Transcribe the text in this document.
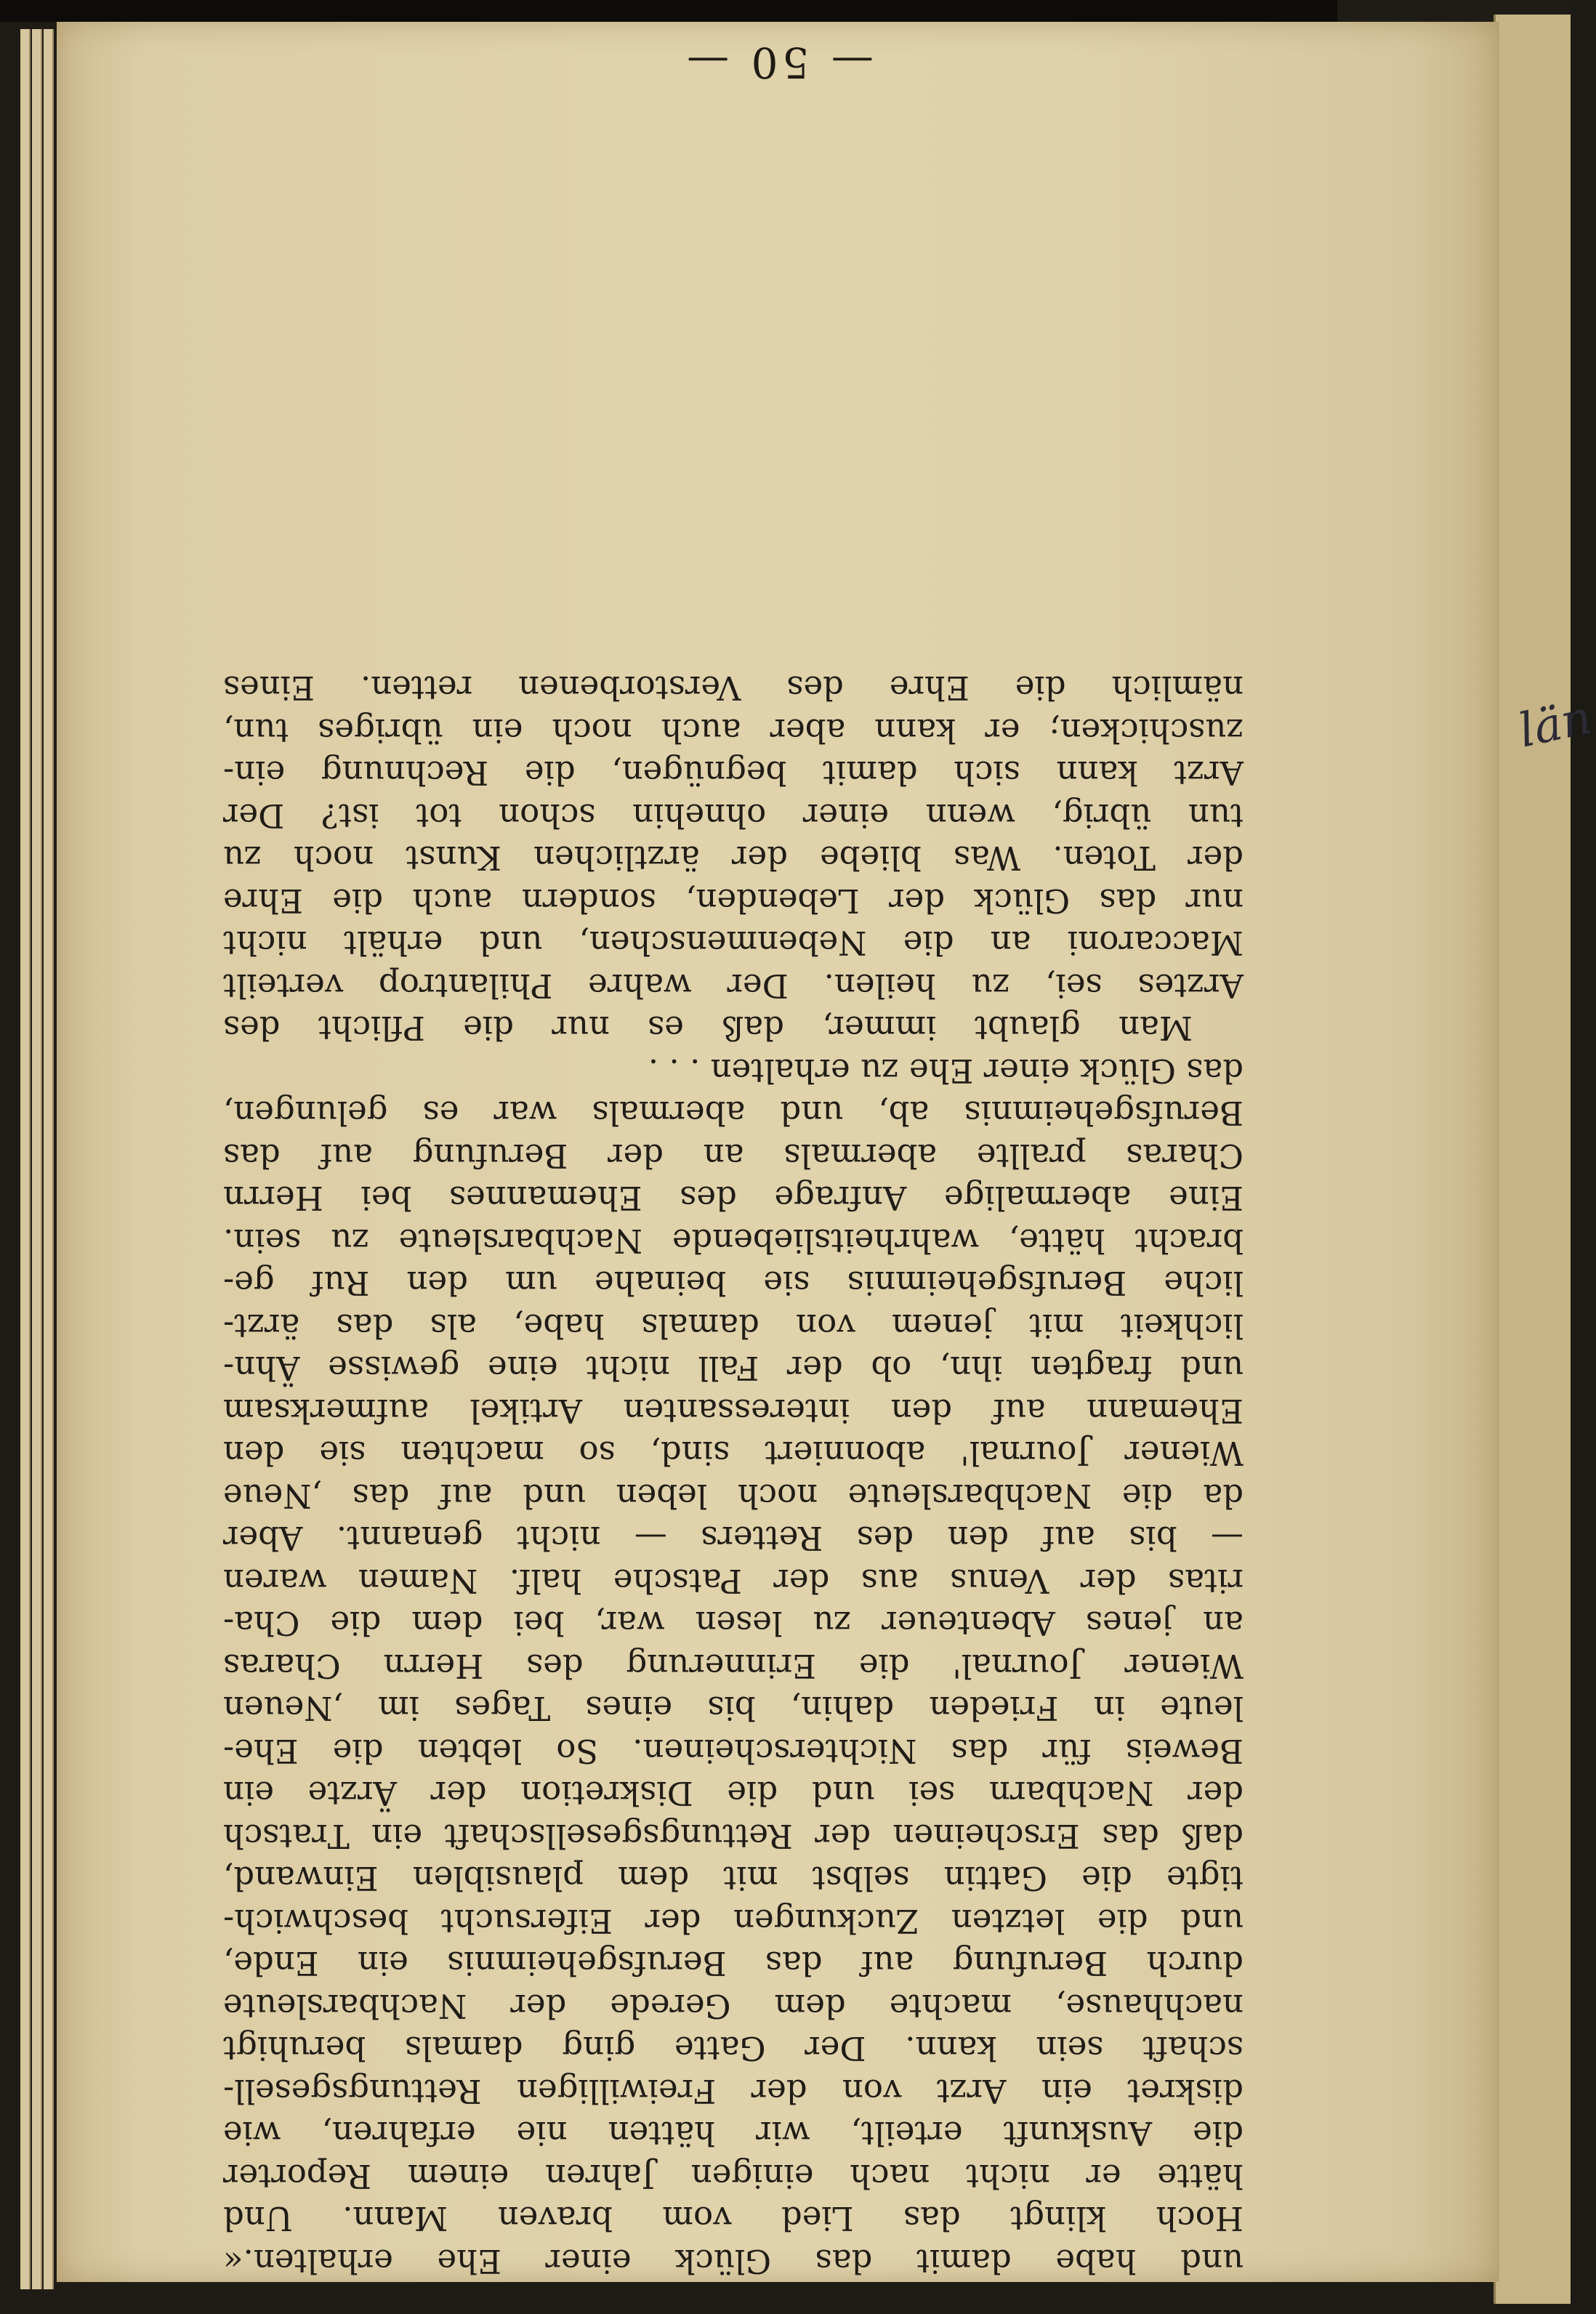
län
und habe damit das Glück einer Ehe erhalten.«
Hoch klingt das Lied vom braven Mann. Und
hätte er nicht nach einigen Jahren einem Reporter
die Auskunft erteilt, wir hätten nie erfahren, wie
diskret ein Arzt von der Freiwilligen Rettungsgesell-
schaft sein kann. Der Gatte ging damals beruhigt
nachhause, machte dem Gerede der Nachbarsleute
durch Berufung auf das Berufsgeheimnis ein Ende,
und die letzten Zuckungen der Eifersucht beschwich-
tigte die Gattin selbst mit dem plausiblen Einwand,
daß das Erscheinen der Rettungsgesellschaft ein Tratsch
der Nachbarn sei und die Diskretion der Ärzte ein
Beweis für das Nichterscheinen. So lebten die Ehe-
leute in Frieden dahin, bis eines Tages im ,Neuen
Wiener Journal' die Erinnerung des Herrn Charas
an jenes Abenteuer zu lesen war, bei dem die Cha-
ritas der Venus aus der Patsche half. Namen waren
— bis auf den des Retters — nicht genannt. Aber
da die Nachbarsleute noch leben und auf das ,Neue
Wiener Journal' abonniert sind, so machten sie den
Ehemann auf den interessanten Artikel aufmerksam
und fragten ihn, ob der Fall nicht eine gewisse Ähn-
lichkeit mit jenem von damals habe, als das ärzt-
liche Berufsgeheimnis sie beinahe um den Ruf ge-
bracht hätte, wahrheitsliebende Nachbarsleute zu sein.
Eine abermalige Anfrage des Ehemannes bei Herrn
Charas prallte abermals an der Berufung auf das
Berufsgeheimnis ab, und abermals war es gelungen,
das Glück einer Ehe zu erhalten . . .
Man glaubt immer, daß es nur die Pflicht des
Arztes sei, zu heilen. Der wahre Philantrop verteilt
Maccaroni an die Nebenmenschen, und erhält nicht
nur das Glück der Lebenden, sondern auch die Ehre
der Toten. Was bliebe der ärztlichen Kunst noch zu
tun übrig, wenn einer ohnehin schon tot ist? Der
Arzt kann sich damit begnügen, die Rechnung ein-
zuschicken; er kann aber auch noch ein übriges tun,
nämlich die Ehre des Verstorbenen retten. Eines
— 50 —
